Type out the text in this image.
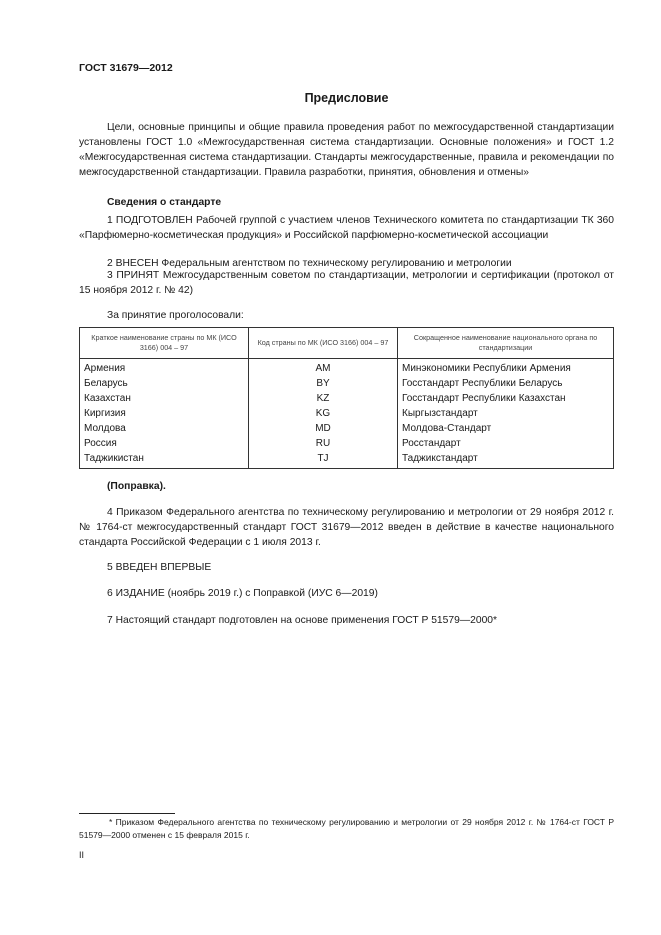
ГОСТ 31679—2012
Предисловие
Цели, основные принципы и общие правила проведения работ по межгосударственной стандартизации установлены ГОСТ 1.0 «Межгосударственная система стандартизации. Основные положения» и ГОСТ 1.2 «Межгосударственная система стандартизации. Стандарты межгосударственные, правила и рекомендации по межгосударственной стандартизации. Правила разработки, принятия, обновления и отмены»
Сведения о стандарте
1 ПОДГОТОВЛЕН Рабочей группой с участием членов Технического комитета по стандартизации ТК 360 «Парфюмерно-косметическая продукция» и Российской парфюмерно-косметической ассоциации
2 ВНЕСЕН Федеральным агентством по техническому регулированию и метрологии
3 ПРИНЯТ Межгосударственным советом по стандартизации, метрологии и сертификации (протокол от 15 ноября 2012 г. № 42)
За принятие проголосовали:
Краткое наименование страны по МК (ИСО 3166) 004 – 97	Код страны по МК (ИСО 3166) 004 – 97	Сокращенное наименование национального органа по стандартизации
Армения	AM	Минэкономики Республики Армения
Беларусь	BY	Госстандарт Республики Беларусь
Казахстан	KZ	Госстандарт Республики Казахстан
Киргизия	KG	Кыргызстандарт
Молдова	MD	Молдова-Стандарт
Россия	RU	Росстандарт
Таджикистан	TJ	Таджикстандарт
(Поправка).
4 Приказом Федерального агентства по техническому регулированию и метрологии от 29 ноября 2012 г. № 1764-ст межгосударственный стандарт ГОСТ 31679—2012 введен в действие в качестве национального стандарта Российской Федерации с 1 июля 2013 г.
5 ВВЕДЕН ВПЕРВЫЕ
6 ИЗДАНИЕ (ноябрь 2019 г.) с Поправкой (ИУС 6—2019)
7 Настоящий стандарт подготовлен на основе применения ГОСТ Р 51579—2000*
* Приказом Федерального агентства по техническому регулированию и метрологии от 29 ноября 2012 г. № 1764-ст ГОСТ Р 51579—2000 отменен с 15 февраля 2015 г.
II
